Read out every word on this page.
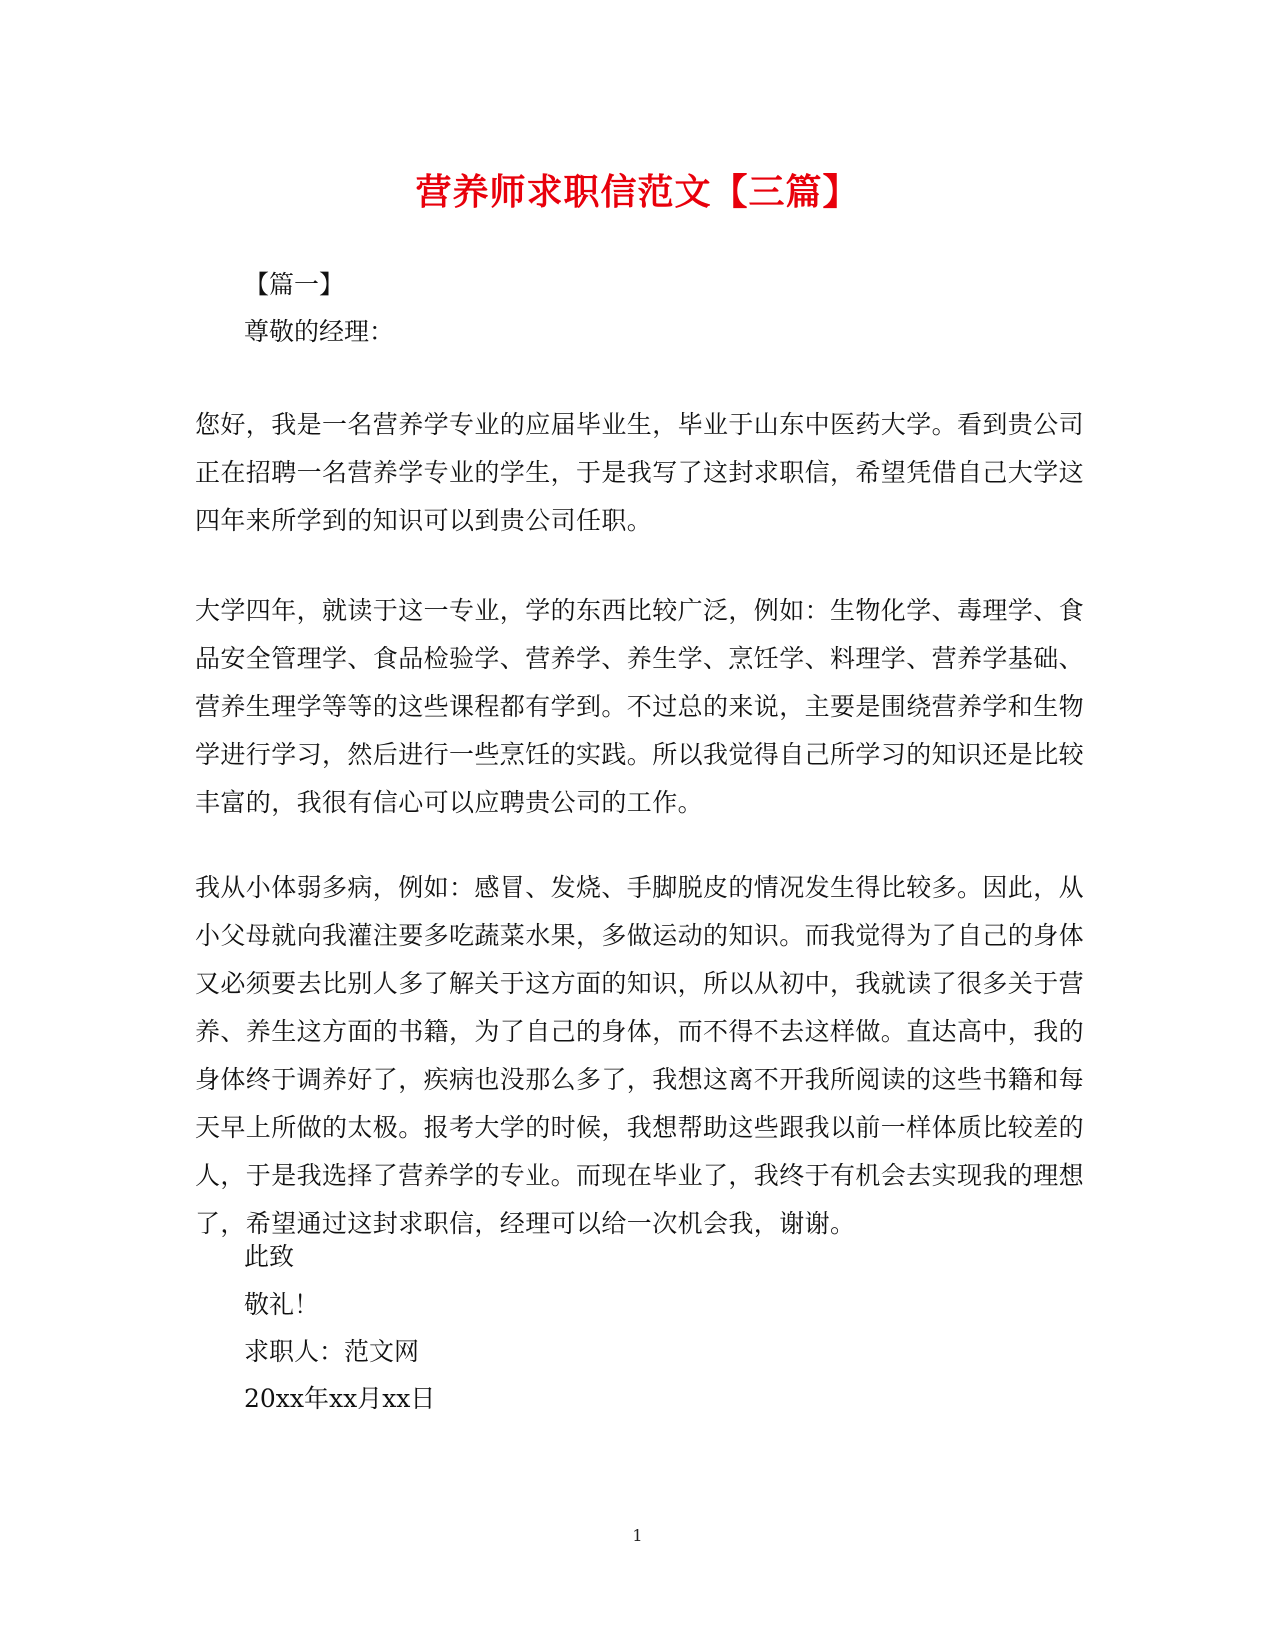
营养师求职信范文【三篇】
【篇一】
尊敬的经理：

您好，我是一名营养学专业的应届毕业生，毕业于山东中医药大学。看到贵公司正在招聘一名营养学专业的学生，于是我写了这封求职信，希望凭借自己大学这四年来所学到的知识可以到贵公司任职。

大学四年，就读于这一专业，学的东西比较广泛，例如：生物化学、毒理学、食品安全管理学、食品检验学、营养学、养生学、烹饪学、料理学、营养学基础、营养生理学等等的这些课程都有学到。不过总的来说，主要是围绕营养学和生物学进行学习，然后进行一些烹饪的实践。所以我觉得自己所学习的知识还是比较丰富的，我很有信心可以应聘贵公司的工作。

我从小体弱多病，例如：感冒、发烧、手脚脱皮的情况发生得比较多。因此，从小父母就向我灌注要多吃蔬菜水果，多做运动的知识。而我觉得为了自己的身体又必须要去比别人多了解关于这方面的知识，所以从初中，我就读了很多关于营养、养生这方面的书籍，为了自己的身体，而不得不去这样做。直达高中，我的身体终于调养好了，疾病也没那么多了，我想这离不开我所阅读的这些书籍和每天早上所做的太极。报考大学的时候，我想帮助这些跟我以前一样体质比较差的人，于是我选择了营养学的专业。而现在毕业了，我终于有机会去实现我的理想了，希望通过这封求职信，经理可以给一次机会我，谢谢。

此致
敬礼！
求职人：范文网
20xx年xx月xx日
1
